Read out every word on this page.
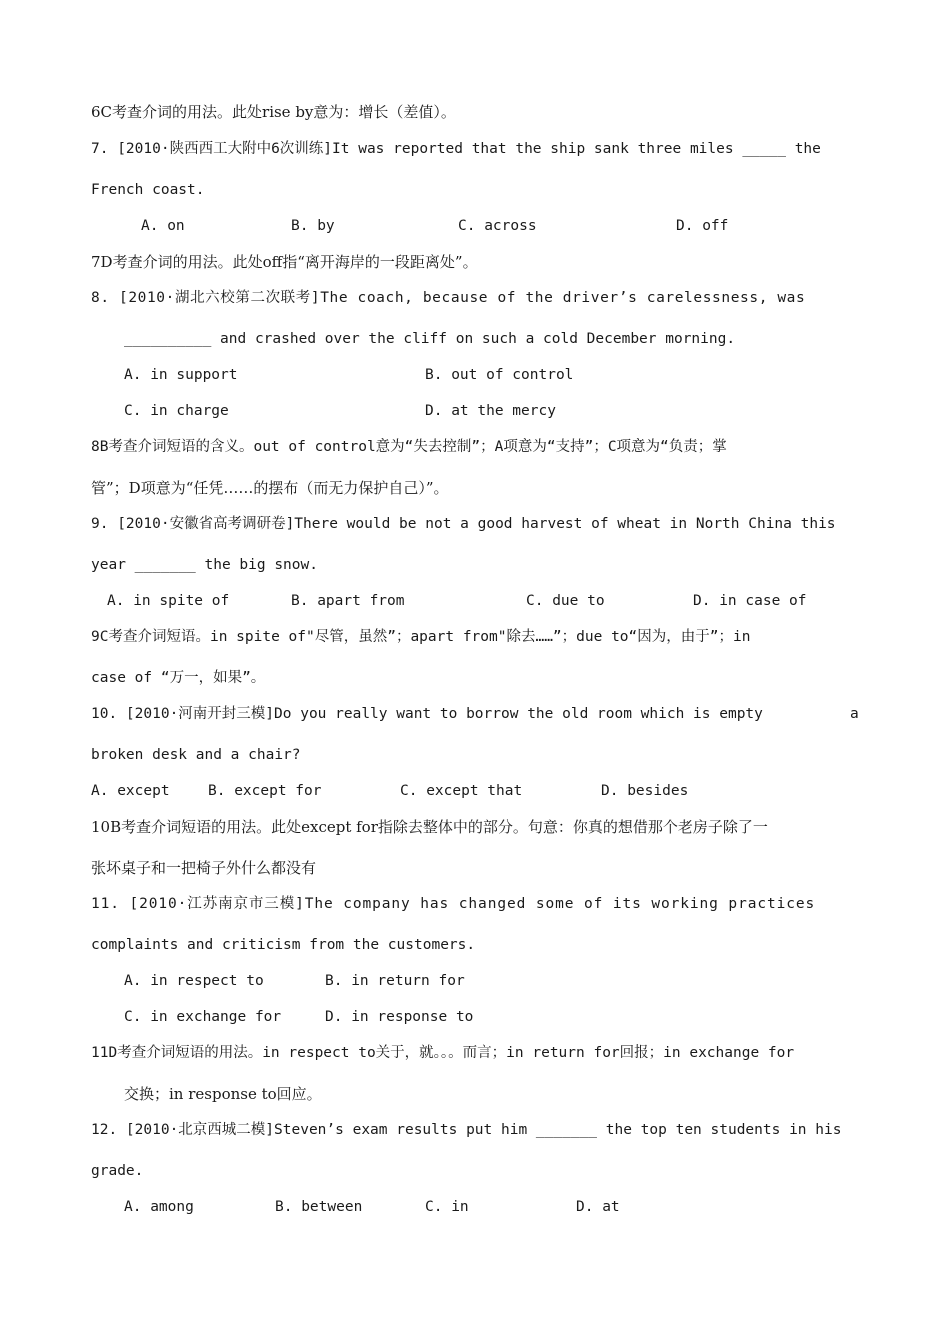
6C考查介词的用法。此处rise by意为：增长（差值）。
7. [2010·陕西西工大附中6次训练]It was reported that the ship sank three miles _____ the
French coast.
A. on	B. by	C. across	D. off
7D考查介词的用法。此处off指“离开海岸的一段距离处”。
8. [2010·湖北六校第二次联考]The coach, because of the driver’s carelessness, was
__________ and crashed over the cliff on such a cold December morning.
A. in support	B. out of control
C. in charge	D. at the mercy
8B考查介词短语的含义。out of control意为“失去控制”；A项意为“支持”；C项意为“负责；掌
管”；D项意为“任凭……的摆布（而无力保护自己）”。
9. [2010·安徽省高考调研卷]There would be not a good harvest of wheat in North China this
year _______ the big snow.
A. in spite of	B. apart from	C. due to	D. in case of
9C考查介词短语。in spite of"尽管，虽然”；apart from"除去……”；due to“因为，由于”；in
case of “万一，如果”。
10. [2010·河南开封三模]Do you really want to borrow the old room which is empty	a
broken desk and a chair?
A. except	B. except for	C. except that	D. besides
10B考查介词短语的用法。此处except for指除去整体中的部分。句意：你真的想借那个老房子除了一
张坏桌子和一把椅子外什么都没有
11. [2010·江苏南京市三模]The company has changed some of its working practices
complaints and criticism from the customers.
A. in respect to	B. in return for
C. in exchange for	D. in response to
11D考查介词短语的用法。in respect to关于，就。。。而言；in return for回报；in exchange for
交换；in response to回应。
12. [2010·北京西城二模]Steven’s exam results put him _______ the top ten students in his
grade.
A. among	B. between	C. in	D. at
